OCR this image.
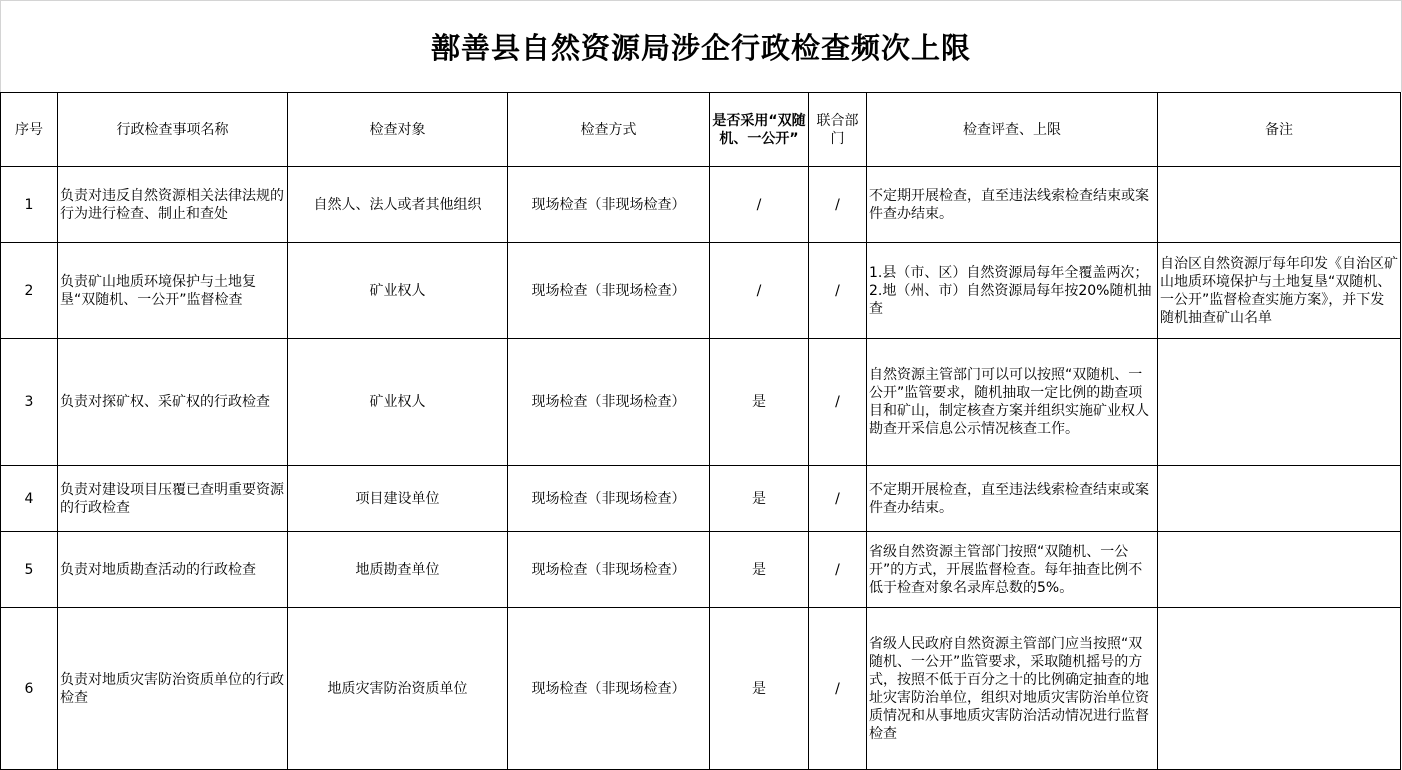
鄯善县自然资源局涉企行政检查频次上限
序号	行政检查事项名称	检查对象	检查方式	是否采用“双随机、一公开”	联合部门	检查评查、上限	备注
1	负责对违反自然资源相关法律法规的行为进行检查、制止和查处	自然人、法人或者其他组织	现场检查（非现场检查）	/	/	不定期开展检查，直至违法线索检查结束或案件查办结束。	
2	负责矿山地质环境保护与土地复垦“双随机、一公开”监督检查	矿业权人	现场检查（非现场检查）	/	/	1.县（市、区）自然资源局每年全覆盖两次；2.地（州、市）自然资源局每年按20%随机抽查	自治区自然资源厅每年印发《自治区矿山地质环境保护与土地复垦“双随机、一公开”监督检查实施方案》，并下发随机抽查矿山名单
3	负责对探矿权、采矿权的行政检查	矿业权人	现场检查（非现场检查）	是	/	自然资源主管部门可以可以按照“双随机、一公开”监管要求，随机抽取一定比例的勘查项目和矿山，制定核查方案并组织实施矿业权人勘查开采信息公示情况核查工作。	
4	负责对建设项目压覆已查明重要资源的行政检查	项目建设单位	现场检查（非现场检查）	是	/	不定期开展检查，直至违法线索检查结束或案件查办结束。	
5	负责对地质勘查活动的行政检查	地质勘查单位	现场检查（非现场检查）	是	/	省级自然资源主管部门按照“双随机、一公开”的方式，开展监督检查。每年抽查比例不低于检查对象名录库总数的5%。	
6	负责对地质灾害防治资质单位的行政检查	地质灾害防治资质单位	现场检查（非现场检查）	是	/	省级人民政府自然资源主管部门应当按照“双随机、一公开”监管要求，采取随机摇号的方式，按照不低于百分之十的比例确定抽查的地址灾害防治单位，组织对地质灾害防治单位资质情况和从事地质灾害防治活动情况进行监督检查	
